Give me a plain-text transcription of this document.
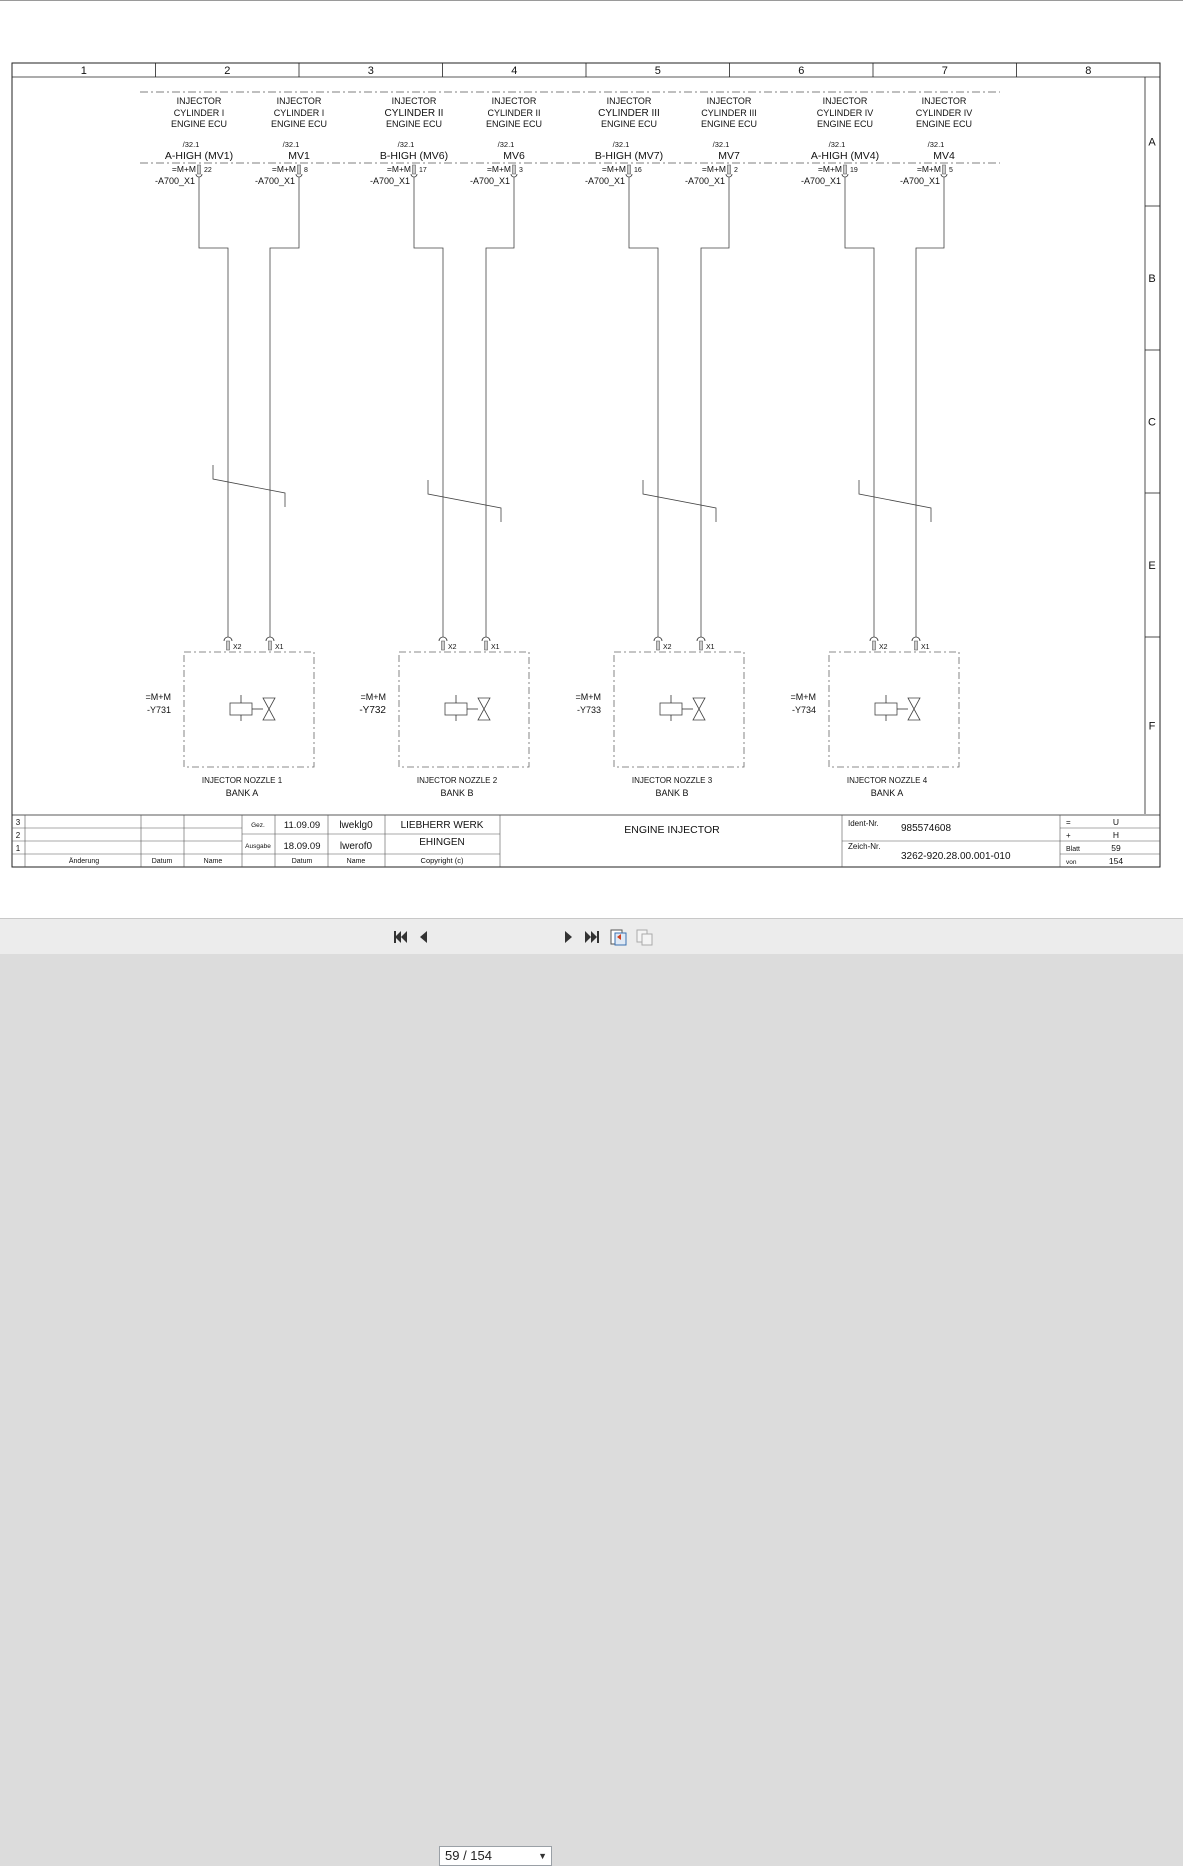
1	2	3	4	5	6	7	8
A
B
C
E
F
INJECTOR
CYLINDER I
ENGINE ECU
/32.1
A-HIGH (MV1)
=M+M 22
-A700_X1
INJECTOR
CYLINDER I
ENGINE ECU
/32.1
MV1
=M+M 8
-A700_X1
INJECTOR
CYLINDER II
ENGINE ECU
/32.1
B-HIGH (MV6)
=M+M 17
-A700_X1
INJECTOR
CYLINDER II
ENGINE ECU
/32.1
MV6
=M+M 3
-A700_X1
INJECTOR
CYLINDER III
ENGINE ECU
/32.1
B-HIGH (MV7)
=M+M 16
-A700_X1
INJECTOR
CYLINDER III
ENGINE ECU
/32.1
MV7
=M+M 2
-A700_X1
INJECTOR
CYLINDER IV
ENGINE ECU
/32.1
A-HIGH (MV4)
=M+M 19
-A700_X1
INJECTOR
CYLINDER IV
ENGINE ECU
/32.1
MV4
=M+M 5
-A700_X1
X2	X1
=M+M
-Y731
INJECTOR NOZZLE 1
BANK A
X2	X1
=M+M
-Y732
INJECTOR NOZZLE 2
BANK B
X2	X1
=M+M
-Y733
INJECTOR NOZZLE 3
BANK B
X2	X1
=M+M
-Y734
INJECTOR NOZZLE 4
BANK A
3
2
1
Änderung	Datum	Name
Gez. 11.09.09 lweklg0
Ausgabe 18.09.09 lwerof0
Datum	Name
LIEBHERR WERK
EHINGEN
Copyright (c)
ENGINE INJECTOR
Ident-Nr. 985574608
Zeich-Nr.
3262-920.28.00.001-010
=	U
+	H
Blatt	59
von	154
59 / 154	▼
